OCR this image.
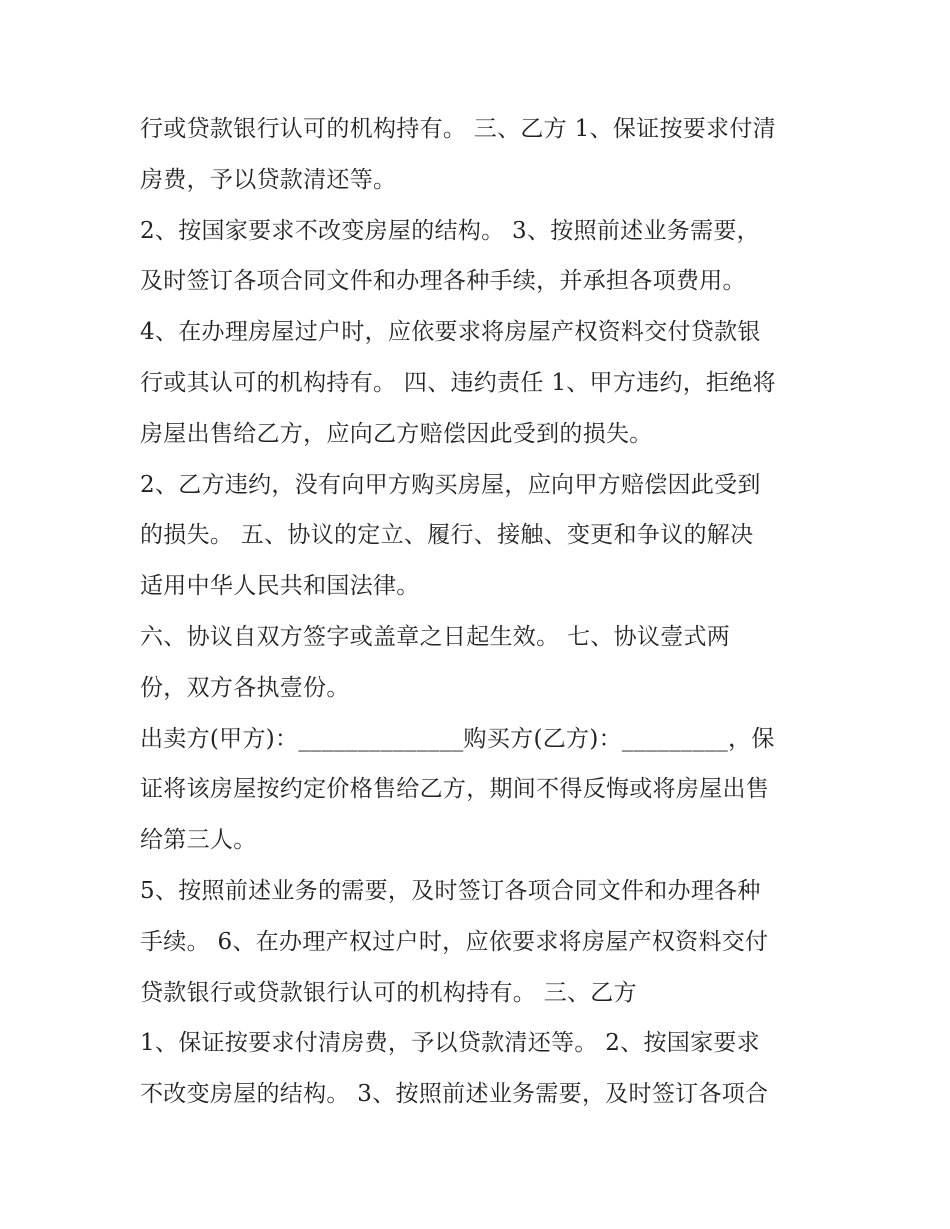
行或贷款银行认可的机构持有。 三、乙方 1、保证按要求付清
房费，予以贷款清还等。
2、按国家要求不改变房屋的结构。 3、按照前述业务需要，
及时签订各项合同文件和办理各种手续，并承担各项费用。
4、在办理房屋过户时，应依要求将房屋产权资料交付贷款银
行或其认可的机构持有。 四、违约责任 1、甲方违约，拒绝将
房屋出售给乙方，应向乙方赔偿因此受到的损失。
2、乙方违约，没有向甲方购买房屋，应向甲方赔偿因此受到
的损失。 五、协议的定立、履行、接触、变更和争议的解决
适用中华人民共和国法律。
六、协议自双方签字或盖章之日起生效。 七、协议壹式两
份，双方各执壹份。
出卖方(甲方)：______________购买方(乙方)：_________，保
证将该房屋按约定价格售给乙方，期间不得反悔或将房屋出售
给第三人。
5、按照前述业务的需要，及时签订各项合同文件和办理各种
手续。 6、在办理产权过户时，应依要求将房屋产权资料交付
贷款银行或贷款银行认可的机构持有。 三、乙方
1、保证按要求付清房费，予以贷款清还等。 2、按国家要求
不改变房屋的结构。 3、按照前述业务需要，及时签订各项合
